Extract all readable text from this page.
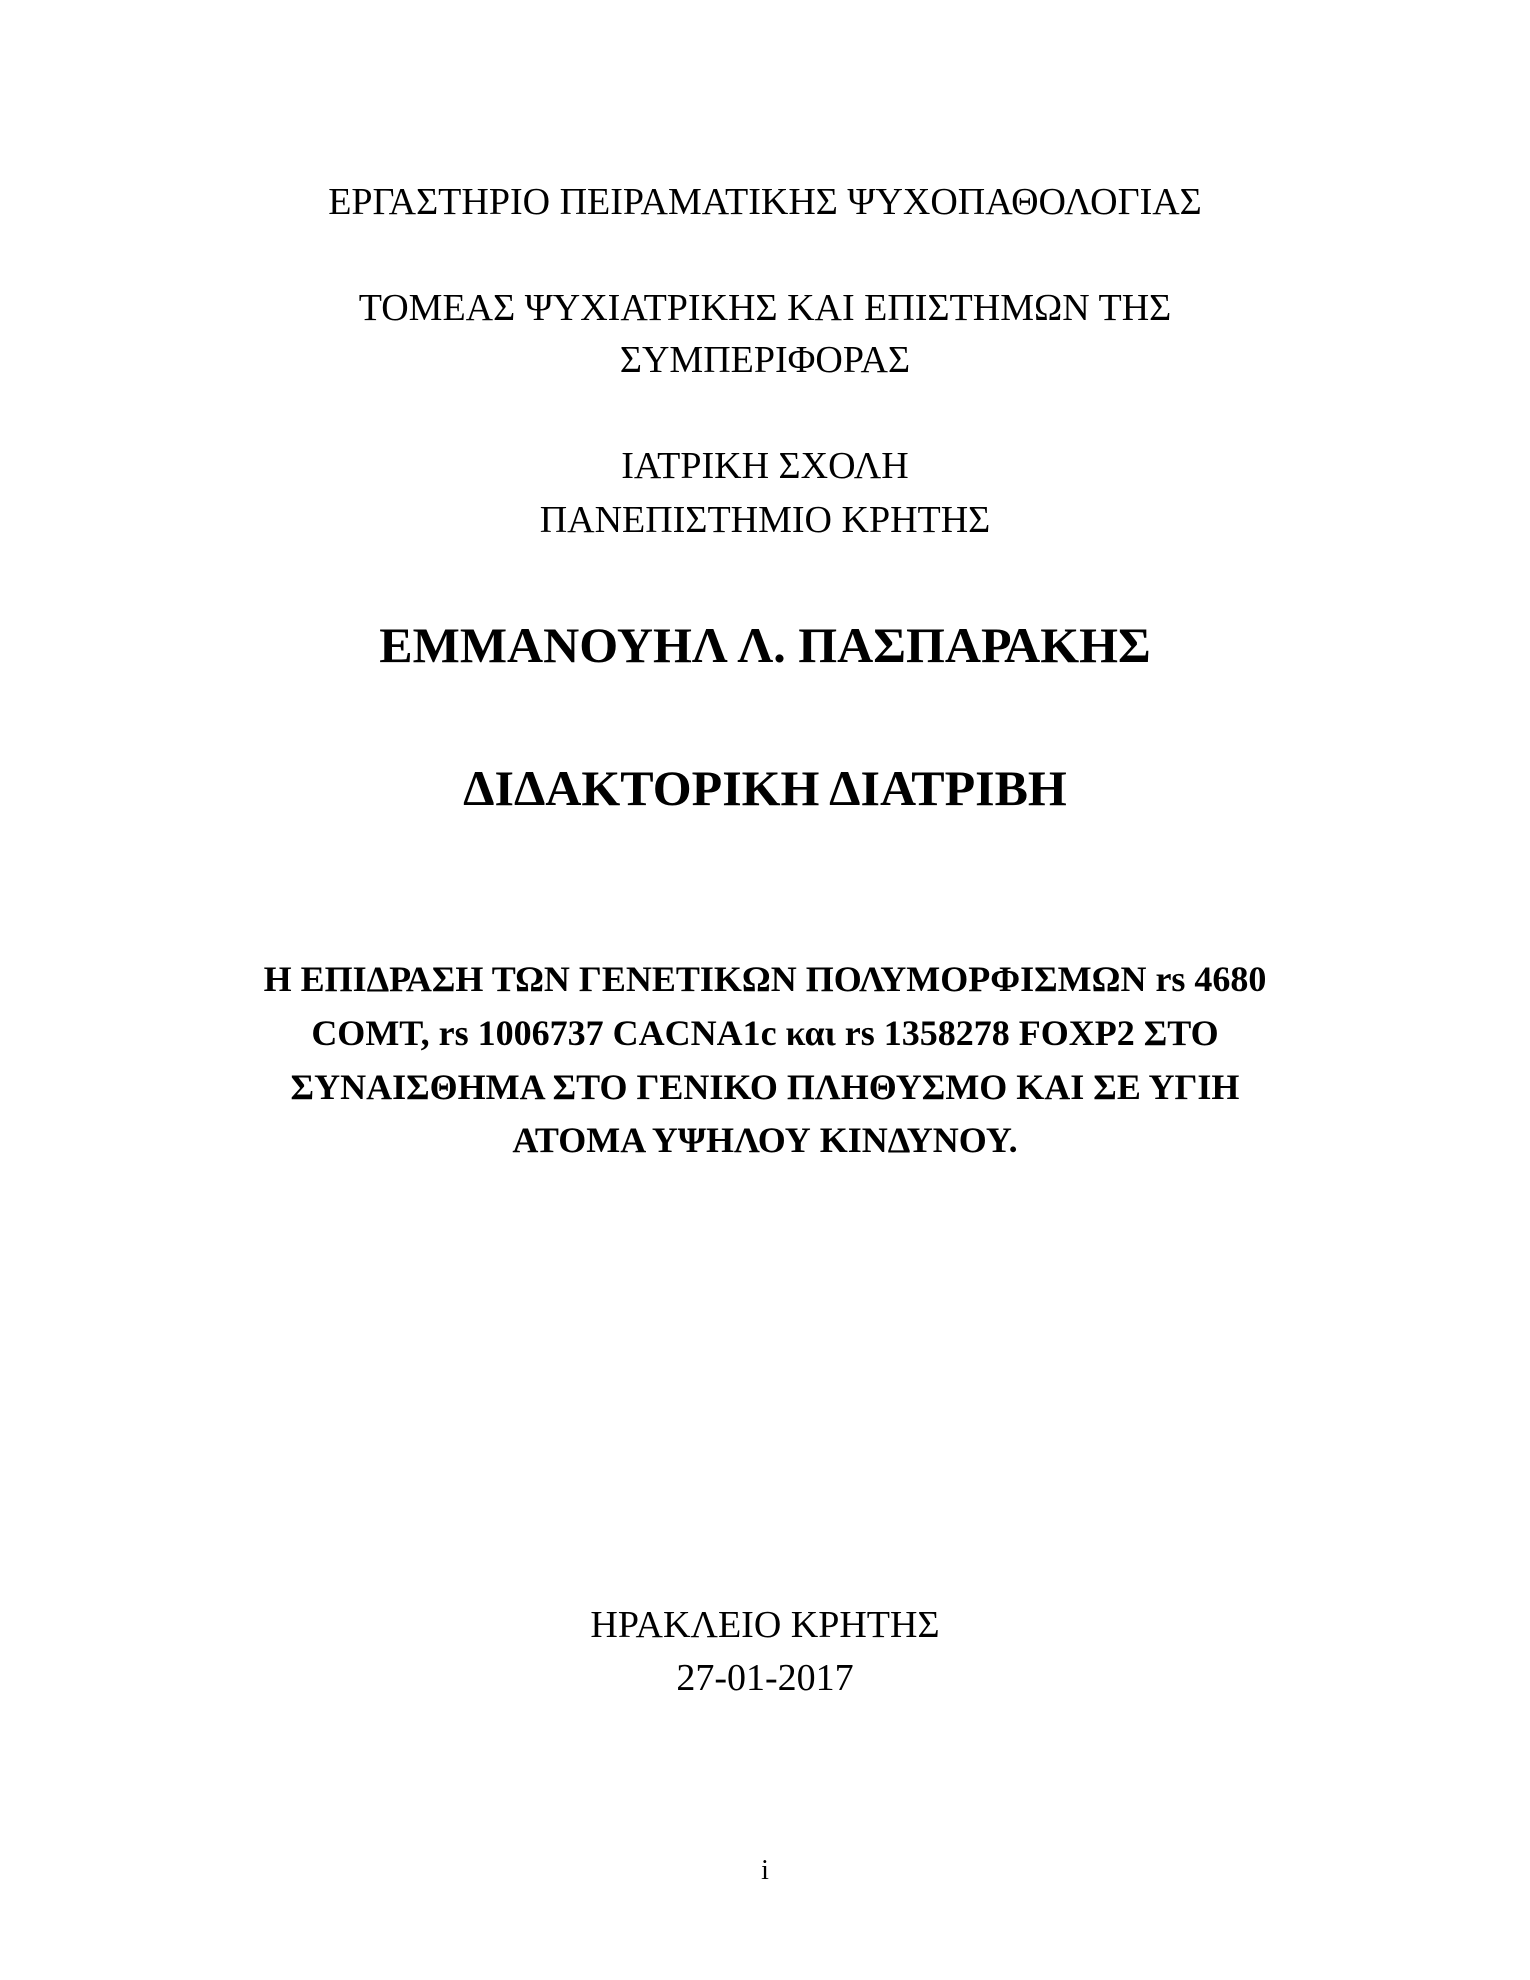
ΕΡΓΑΣΤΗΡΙΟ ΠΕΙΡΑΜΑΤΙΚΗΣ ΨΥΧΟΠΑΘΟΛΟΓΙΑΣ
ΤΟΜΕΑΣ ΨΥΧΙΑΤΡΙΚΗΣ ΚΑΙ ΕΠΙΣΤΗΜΩΝ ΤΗΣ
ΣΥΜΠΕΡΙΦΟΡΑΣ
ΙΑΤΡΙΚΗ ΣΧΟΛΗ
ΠΑΝΕΠΙΣΤΗΜΙΟ ΚΡΗΤΗΣ
ΕΜΜΑΝΟΥΗΛ Λ. ΠΑΣΠΑΡΑΚΗΣ
ΔΙΔΑΚΤΟΡΙΚΗ ΔΙΑΤΡΙΒΗ
Η ΕΠΙΔΡΑΣΗ ΤΩΝ ΓΕΝΕΤΙΚΩΝ ΠΟΛΥΜΟΡΦΙΣΜΩΝ rs 4680
COMT, rs 1006737 CACNA1c και rs 1358278 FOXP2 ΣΤΟ
ΣΥΝΑΙΣΘΗΜΑ ΣΤΟ ΓΕΝΙΚΟ ΠΛΗΘΥΣΜΟ ΚΑΙ ΣΕ ΥΓΙΗ
ΑΤΟΜΑ ΥΨΗΛΟΥ ΚΙΝΔΥΝΟΥ.
ΗΡΑΚΛΕΙΟ ΚΡΗΤΗΣ
27-01-2017
i
